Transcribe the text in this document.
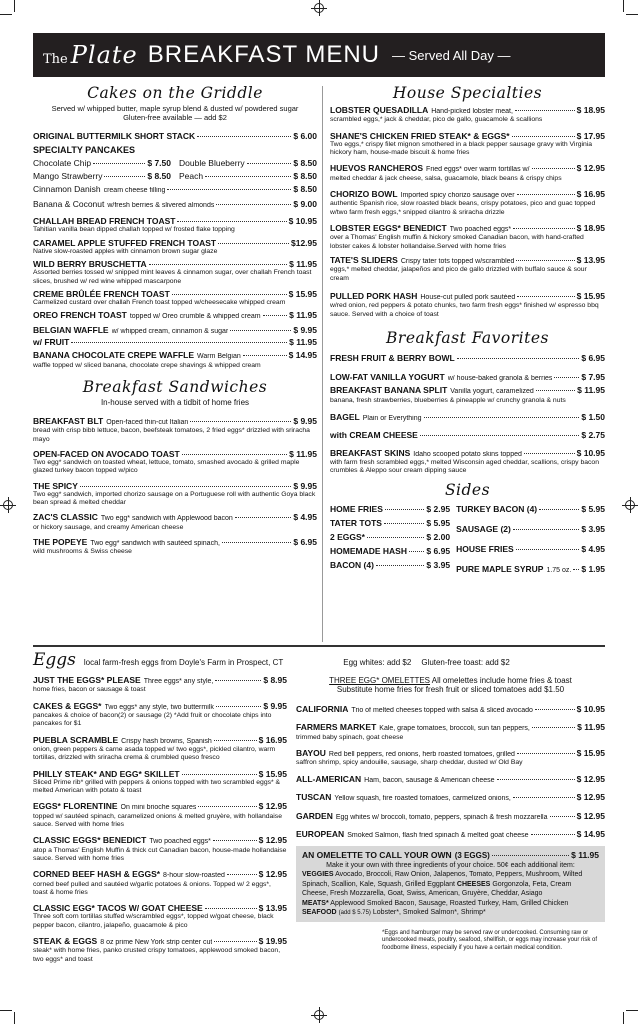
The Plate BREAKFAST MENU — Served All Day —
Cakes on the Griddle
Served w/ whipped butter, maple syrup blend & dusted w/ powdered sugar
Gluten-free available — add $2
ORIGINAL BUTTERMILK SHORT STACK	$ 6.00
SPECIALTY PANCAKES
Chocolate Chip	$ 7.50
Mango Strawberry	$ 8.50
Double Blueberry	$ 8.50
Peach	$ 8.50
Cinnamon Danish cream cheese filling	$ 8.50
Banana & Coconut w/fresh berries & slivered almonds	$ 9.00
CHALLAH BREAD FRENCH TOAST	$ 10.95
Tahitian vanilla bean dipped challah topped w/ frosted flake topping
CARAMEL APPLE STUFFED FRENCH TOAST	$12.95
Native slow-roasted apples with cinnamon brown sugar glaze
WILD BERRY BRUSCHETTA	$ 11.95
Assorted berries tossed w/ snipped mint leaves & cinnamon sugar, over challah French toast slices, brushed w/ red wine whipped mascarpone
CREME BRÛLÉE FRENCH TOAST	$ 15.95
Carmelized custard over challah French toast topped w/cheesecake whipped cream
OREO FRENCH TOAST topped w/ Oreo crumble & whipped cream	$ 11.95
BELGIAN WAFFLE w/ whipped cream, cinnamon & sugar	$ 9.95
w/ FRUIT	$ 11.95
BANANA CHOCOLATE CREPE WAFFLE Warm Belgian	$ 14.95
waffle topped w/ sliced banana, chocolate crepe shavings & whipped cream
Breakfast Sandwiches
In-house served with a tidbit of home fries
BREAKFAST BLT Open-faced thin-cut Italian	$ 9.95
bread with crisp bibb lettuce, bacon, beefsteak tomatoes, 2 fried eggs* drizzled with sriracha mayo
OPEN-FACED ON AVOCADO TOAST	$ 11.95
Two egg* sandwich on toasted wheat, lettuce, tomato, smashed avocado & grilled maple glazed turkey bacon topped w/pico
THE SPICY	$ 9.95
Two egg* sandwich, imported chorizo sausage on a Portuguese roll with authentic Goya black bean spread & melted cheddar
ZAC'S CLASSIC Two egg* sandwich with Applewood bacon	$ 4.95
or hickory sausage, and creamy American cheese
THE POPEYE Two egg* sandwich with sautéed spinach,	$ 6.95
wild mushrooms & Swiss cheese
House Specialties
LOBSTER QUESADILLA Hand-picked lobster meat,	$ 18.95
scrambled eggs,* jack & cheddar, pico de gallo, guacamole & scallions
SHANE'S CHICKEN FRIED STEAK* & EGGS*	$ 17.95
Two eggs,* crispy filet mignon smothered in a black pepper sausage gravy with Virginia hickory ham, house-made biscuit & home fries
HUEVOS RANCHEROS Fried eggs* over warm tortillas w/	$ 12.95
melted cheddar & jack cheese, salsa, guacamole, black beans & crispy chips
CHORIZO BOWL Imported spicy chorizo sausage over	$ 16.95
authentic Spanish rice, slow roasted black beans, crispy potatoes, pico and guac topped w/two farm fresh eggs,* snipped cilantro & sriracha drizzle
LOBSTER EGGS* BENEDICT Two poached eggs*	$ 18.95
over a Thomas' English muffin & hickory smoked Canadian bacon, with hand-crafted lobster cakes & lobster hollandaise.Served with home fries
TATE'S SLIDERS Crispy tater tots topped w/scrambled	$ 13.95
eggs,* melted cheddar, jalapeños and pico de gallo drizzled with buffalo sauce & sour cream
PULLED PORK HASH House-cut pulled pork sautéed	$ 15.95
w/red onion, red peppers & potato chunks, two farm fresh eggs* finished w/ espresso bbq sauce. Served with a choice of toast
Breakfast Favorites
FRESH FRUIT & BERRY BOWL	$ 6.95
LOW-FAT VANILLA YOGURT w/ house-baked granola & berries	$ 7.95
BREAKFAST BANANA SPLIT Vanilla yogurt, caramelized	$ 11.95
banana, fresh strawberries, blueberries & pineapple w/ crunchy granola & nuts
BAGEL Plain or Everything	$ 1.50
with CREAM CHEESE	$ 2.75
BREAKFAST SKINS Idaho scooped potato skins topped	$ 10.95
with farm fresh scrambled eggs,* melted Wisconsin aged cheddar, scallions, crispy bacon crumbles & Aleppo sour cream dipping sauce
Sides
HOME FRIES	$ 2.95
TATER TOTS	$ 5.95
2 EGGS*	$ 2.00
HOMEMADE HASH $ 6.95
BACON (4)	$ 3.95
TURKEY BACON (4)	$ 5.95
SAUSAGE (2)	$ 3.95
HOUSE FRIES	$ 4.95
PURE MAPLE SYRUP 1.75 oz. $ 1.95
Eggs local farm-fresh eggs from Doyle's Farm in Prospect, CT	Egg whites: add $2 Gluten-free toast: add $2
JUST THE EGGS* PLEASE Three eggs* any style,	$ 8.95
home fries, bacon or sausage & toast
CAKES & EGGS* Two eggs* any style, two buttermilk	$ 9.95
pancakes & choice of bacon(2) or sausage (2) *Add fruit or chocolate chips into pancakes for $1
PUEBLA SCRAMBLE Crispy hash browns, Spanish	$ 16.95
onion, green peppers & carne asada topped w/ two eggs*, pickled cilantro, warm tortillas, drizzled with sriracha crema & crumbled queso fresco
PHILLY STEAK* AND EGG* SKILLET	$ 15.95
Sliced Prime rib* grilled with peppers & onions topped with two scrambled eggs* & melted American with potato & toast
EGGS* FLORENTINE On mini brioche squares	$ 12.95
topped w/ sautéed spinach, caramelized onions & melted gruyère, with hollandaise sauce. Served with home fries
CLASSIC EGGS* BENEDICT Two poached eggs*	$ 12.95
atop a Thomas' English Muffin & thick cut Canadian bacon, house-made hollandaise sauce. Served with home fries
CORNED BEEF HASH & EGGS* 8-hour slow-roasted	$ 12.95
corned beef pulled and sautéed w/garlic potatoes & onions. Topped w/ 2 eggs*, toast & home fries
CLASSIC EGG* TACOS W/ GOAT CHEESE	$ 13.95
Three soft corn tortillas stuffed w/scrambled eggs*, topped w/goat cheese, black pepper bacon, cilantro, jalapeño, guacamole & pico
STEAK & EGGS 8 oz prime New York strip center cut	$ 19.95
steak* with home fries, panko crusted crispy tomatoes, applewood smoked bacon, two eggs* and toast
THREE EGG* OMELETTES All omelettes include home fries & toast
Substitute home fries for fresh fruit or sliced tomatoes add $1.50
CALIFORNIA Trio of melted cheeses topped with salsa & sliced avocado	$ 10.95
FARMERS MARKET Kale, grape tomatoes, broccoli, sun tan peppers,	$ 11.95
trimmed baby spinach, goat cheese
BAYOU Red bell peppers, red onions, herb roasted tomatoes, grilled	$ 15.95
saffron shrimp, spicy andouille, sausage, sharp cheddar, dusted w/ Old Bay
ALL-AMERICAN Ham, bacon, sausage & American cheese	$ 12.95
TUSCAN Yellow squash, fire roasted tomatoes, carmelized onions,	$ 12.95
GARDEN Egg whites w/ broccoli, tomato, peppers, spinach & fresh mozzarella	$ 12.95
EUROPEAN Smoked Salmon, flash fried spinach & melted goat cheese	$ 14.95
AN OMELETTE TO CALL YOUR OWN (3 EGGS)	$ 11.95

Make it your own with three ingredients of your choice. 50¢ each additional item:

VEGGIES Avocado, Broccoli, Raw Onion, Jalapenos, Tomato, Peppers, Mushroom, Wilted Spinach, Scallion, Kale, Squash, Grilled Eggplant CHEESES Gorgonzola, Feta, Cream Cheese, Fresh Mozzarella, Goat, Swiss, American, Gruyère, Cheddar, Asiago

MEATS* Applewood Smoked Bacon, Sausage, Roasted Turkey, Ham, Grilled Chicken

SEAFOOD (add $ 5.75) Lobster*, Smoked Salmon*, Shrimp*

*Eggs and hamburger may be served raw or undercooked. Consuming raw or undercooked meats, poultry, seafood, shellfish, or eggs may increase your risk of foodborne illness, especially if you have a certain medical condition.
